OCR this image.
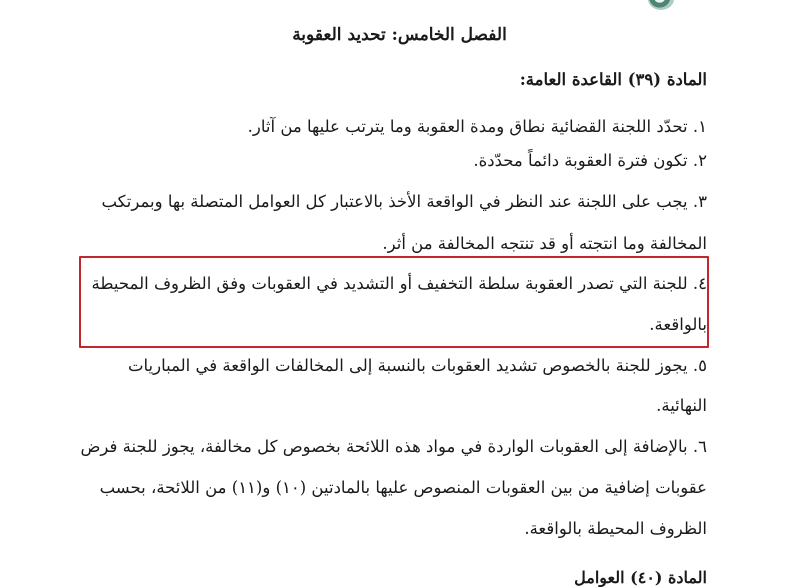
الفصل الخامس: تحديد العقوبة

المادة (٣٩) القاعدة العامة:

١. تحدّد اللجنة القضائية نطاق ومدة العقوبة وما يترتب عليها من آثار.

٢. تكون فترة العقوبة دائماً محدّدة.

٣. يجب على اللجنة عند النظر في الواقعة الأخذ بالاعتبار كل العوامل المتصلة بها وبمرتكب

المخالفة وما انتجته أو قد تنتجه المخالفة من أثر.

٤. للجنة التي تصدر العقوبة سلطة التخفيف أو التشديد في العقوبات وفق الظروف المحيطة

بالواقعة.

٥. يجوز للجنة بالخصوص تشديد العقوبات بالنسبة إلى المخالفات الواقعة في المباريات

النهائية.

٦. بالإضافة إلى العقوبات الواردة في مواد هذه اللائحة بخصوص كل مخالفة، يجوز للجنة فرض

عقوبات إضافية من بين العقوبات المنصوص عليها بالمادتين (١٠) و(١١) من اللائحة، بحسب

الظروف المحيطة بالواقعة.

المادة (٤٠) العوامل
